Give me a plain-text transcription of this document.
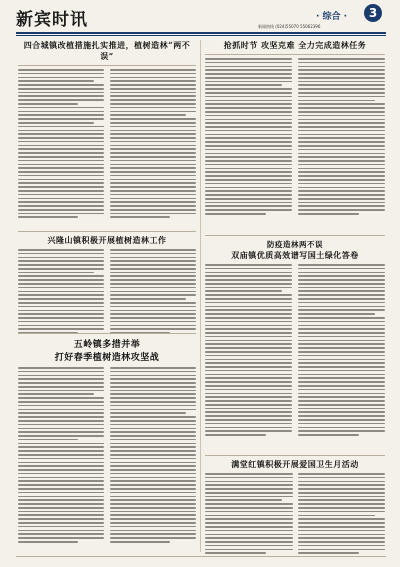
新宾时讯	新闻热线 (024)55070 55062396
· 综合 ·	3
四合城镇改植措施扎实推进，植树造林“两不误”
兴隆山镇积极开展植树造林工作
五岭镇多措并举
打好春季植树造林攻坚战
抢抓时节 攻坚克难 全力完成造林任务
防疫造林两不误
双庙镇优质高效谱写国土绿化答卷
满堂红镇积极开展爱国卫生月活动
